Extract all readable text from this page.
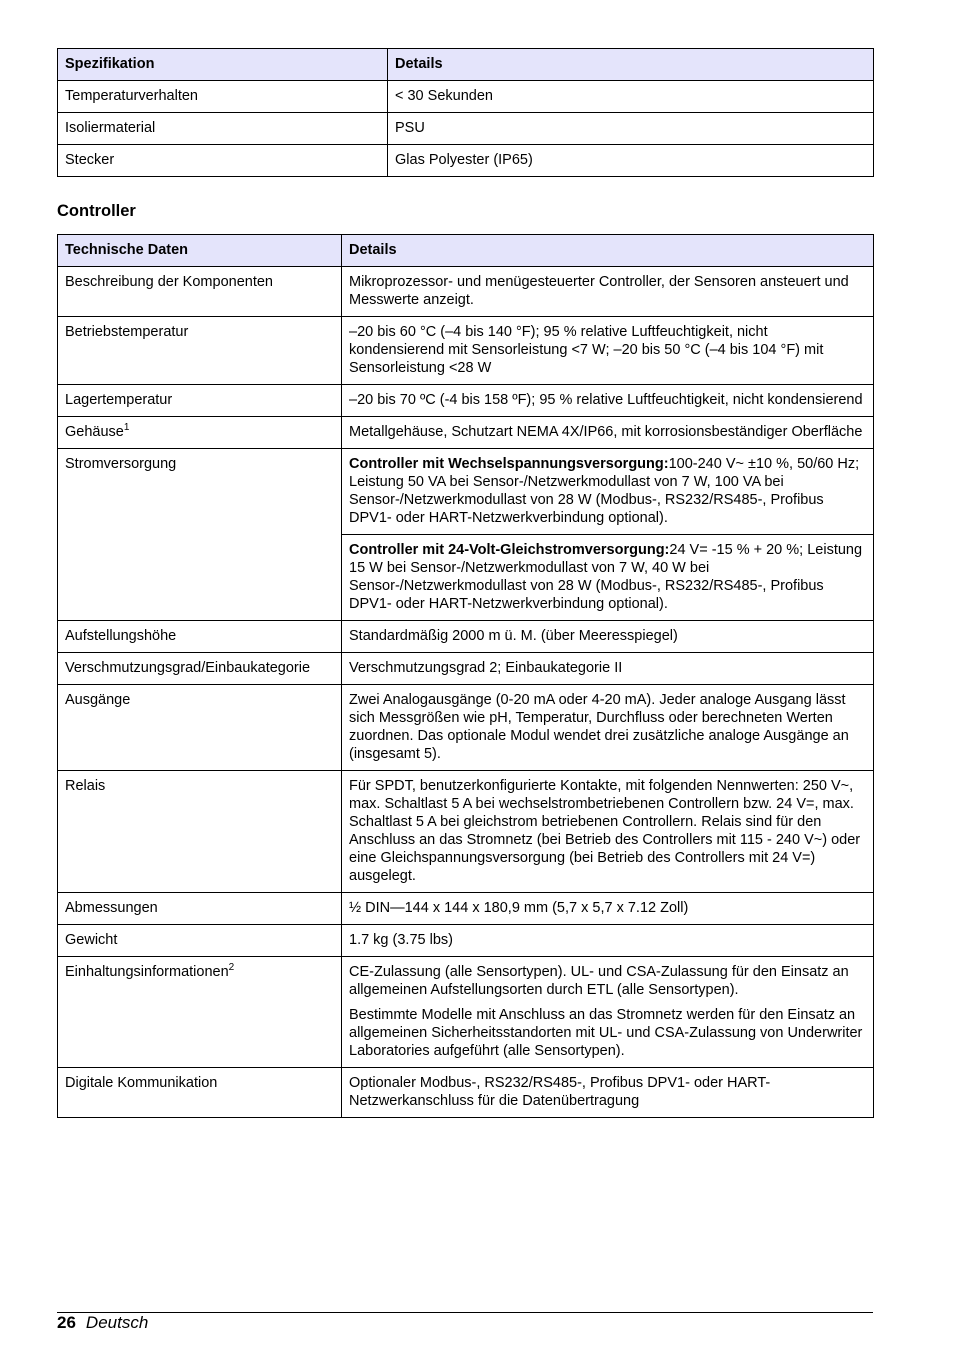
Spezifikation	Details
Temperaturverhalten	< 30 Sekunden
Isoliermaterial	PSU
Stecker	Glas Polyester (IP65)
Controller
Technische Daten	Details
Beschreibung der Komponenten	Mikroprozessor- und menügesteuerter Controller, der Sensoren ansteuert und Messwerte anzeigt.
Betriebstemperatur	–20 bis 60 °C (–4 bis 140 °F); 95 % relative Luftfeuchtigkeit, nicht kondensierend mit Sensorleistung <7 W; –20 bis 50 °C (–4 bis 104 °F) mit Sensorleistung <28 W
Lagertemperatur	–20 bis 70 ºC (-4 bis 158 ºF); 95 % relative Luftfeuchtigkeit, nicht kondensierend
Gehäuse$^1$	Metallgehäuse, Schutzart NEMA 4X/IP66, mit korrosionsbeständiger Oberfläche
Stromversorgung	Controller mit Wechselspannungsversorgung:100-240 V~ ±10 %, 50/60 Hz; Leistung 50 VA bei Sensor-/Netzwerkmodullast von 7 W, 100 VA bei Sensor-/Netzwerkmodullast von 28 W (Modbus-, RS232/RS485-, Profibus DPV1- oder HART-Netzwerkverbindung optional).
	Controller mit 24-Volt-Gleichstromversorgung:24 V= -15 % + 20 %; Leistung 15 W bei Sensor-/Netzwerkmodullast von 7 W, 40 W bei Sensor-/Netzwerkmodullast von 28 W (Modbus-, RS232/RS485-, Profibus DPV1- oder HART-Netzwerkverbindung optional).
Aufstellungshöhe	Standardmäßig 2000 m ü. M. (über Meeresspiegel)
Verschmutzungsgrad/Einbaukategorie	Verschmutzungsgrad 2; Einbaukategorie II
Ausgänge	Zwei Analogausgänge (0-20 mA oder 4-20 mA). Jeder analoge Ausgang lässt sich Messgrößen wie pH, Temperatur, Durchfluss oder berechneten Werten zuordnen. Das optionale Modul wendet drei zusätzliche analoge Ausgänge an (insgesamt 5).
Relais	Für SPDT, benutzerkonfigurierte Kontakte, mit folgenden Nennwerten: 250 V~, max. Schaltlast 5 A bei wechselstrombetriebenen Controllern bzw. 24 V=, max. Schaltlast 5 A bei gleichstrom betriebenen Controllern. Relais sind für den Anschluss an das Stromnetz (bei Betrieb des Controllers mit 115 - 240 V~) oder eine Gleichspannungsversorgung (bei Betrieb des Controllers mit 24 V=) ausgelegt.
Abmessungen	½ DIN—144 x 144 x 180,9 mm (5,7 x 5,7 x 7.12 Zoll)
Gewicht	1.7 kg (3.75 lbs)
Einhaltungsinformationen$^2$	CE-Zulassung (alle Sensortypen). UL- und CSA-Zulassung für den Einsatz an allgemeinen Aufstellungsorten durch ETL (alle Sensortypen).
Bestimmte Modelle mit Anschluss an das Stromnetz werden für den Einsatz an allgemeinen Sicherheitsstandorten mit UL- und CSA-Zulassung von Underwriter Laboratories aufgeführt (alle Sensortypen).

Digitale Kommunikation	Optionaler Modbus-, RS232/RS485-, Profibus DPV1- oder HART-Netzwerkanschluss für die Datenübertragung
26 Deutsch
